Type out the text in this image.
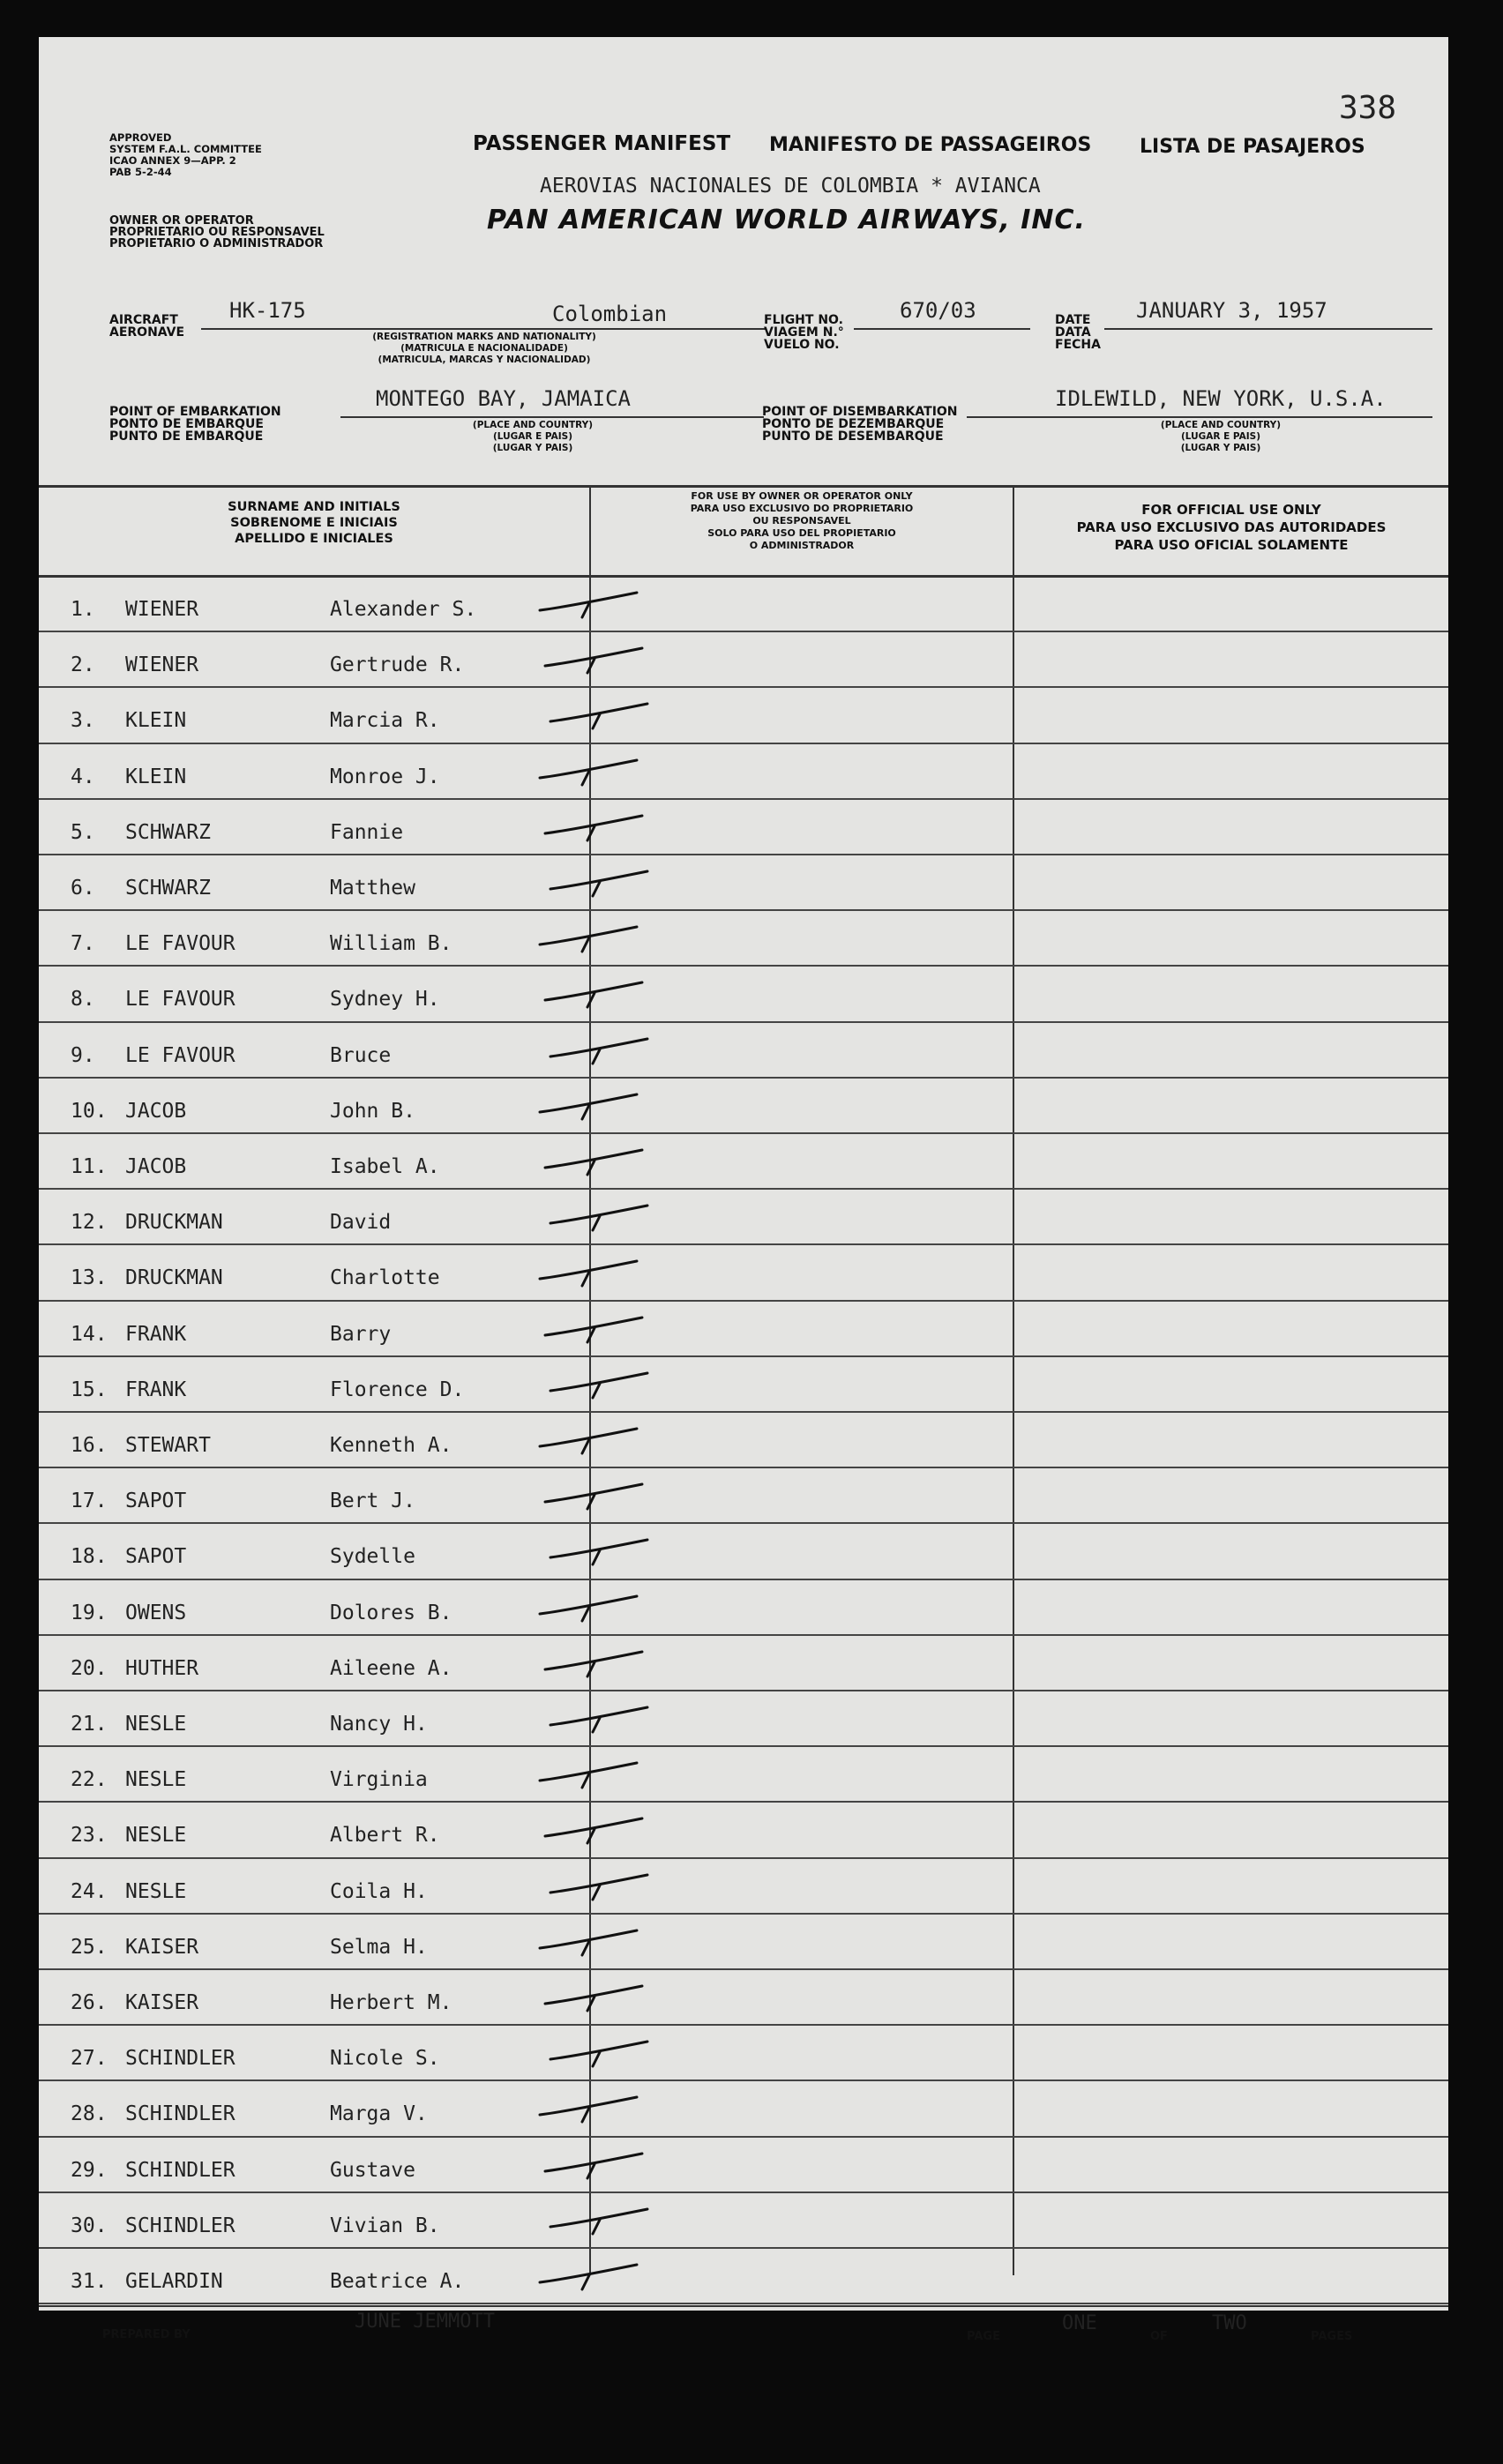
338
APPROVED
SYSTEM F.A.L. COMMITTEE
ICAO ANNEX 9—APP. 2
PAB 5-2-44
OWNER OR OPERATOR
PROPRIETARIO OU RESPONSAVEL
PROPIETARIO O ADMINISTRADOR
PASSENGER MANIFEST MANIFESTO DE PASSAGEIROS LISTA DE PASAJEROS
AEROVIAS NACIONALES DE COLOMBIA * AVIANCA
PAN AMERICAN WORLD AIRWAYS, INC.
AIRCRAFT
AERONAVE
HK-175	Colombian
(REGISTRATION MARKS AND NATIONALITY)
(MATRICULA E NACIONALIDADE)
(MATRICULA, MARCAS Y NACIONALIDAD)
FLIGHT NO.
VIAGEM N.°
VUELO NO.
670/03	DATE
DATA
FECHA
JANUARY 3, 1957
POINT OF EMBARKATION
PONTO DE EMBARQUE
PUNTO DE EMBARQUE
MONTEGO BAY, JAMAICA
(PLACE AND COUNTRY)
(LUGAR E PAIS)
(LUGAR Y PAIS)
POINT OF DISEMBARKATION
PONTO DE DEZEMBARQUE
PUNTO DE DESEMBARQUE
IDLEWILD, NEW YORK, U.S.A.
(PLACE AND COUNTRY)
(LUGAR E PAIS)
(LUGAR Y PAIS)
SURNAME AND INITIALS
SOBRENOME E INICIAIS
APELLIDO E INICIALES
FOR USE BY OWNER OR OPERATOR ONLY
PARA USO EXCLUSIVO DO PROPRIETARIO
OU RESPONSAVEL
SOLO PARA USO DEL PROPIETARIO
O ADMINISTRADOR
FOR OFFICIAL USE ONLY
PARA USO EXCLUSIVO DAS AUTORIDADES
PARA USO OFICIAL SOLAMENTE
1. WIENER	Alexander S.
2. WIENER	Gertrude R.
3. KLEIN	Marcia R.
4. KLEIN	Monroe J.
5. SCHWARZ	Fannie
6. SCHWARZ	Matthew
7. LE FAVOUR	William B.
8. LE FAVOUR	Sydney H.
9. LE FAVOUR	Bruce
10. JACOB	John B.
11. JACOB	Isabel A.
12. DRUCKMAN	David
13. DRUCKMAN	Charlotte
14. FRANK	Barry
15. FRANK	Florence D.
16. STEWART	Kenneth A.
17. SAPOT	Bert J.
18. SAPOT	Sydelle
19. OWENS	Dolores B.
20. HUTHER	Aileene A.
21. NESLE	Nancy H.
22. NESLE	Virginia
23. NESLE	Albert R.
24. NESLE	Coila H.
25. KAISER	Selma H.
26. KAISER	Herbert M.
27. SCHINDLER	Nicole S.
28. SCHINDLER	Marga V.
29. SCHINDLER	Gustave
30. SCHINDLER	Vivian B.
31. GELARDIN	Beatrice A.
PREPARED BY
JUNE JEMMOTT
PAGE
ONE
OF
TWO
PAGES
